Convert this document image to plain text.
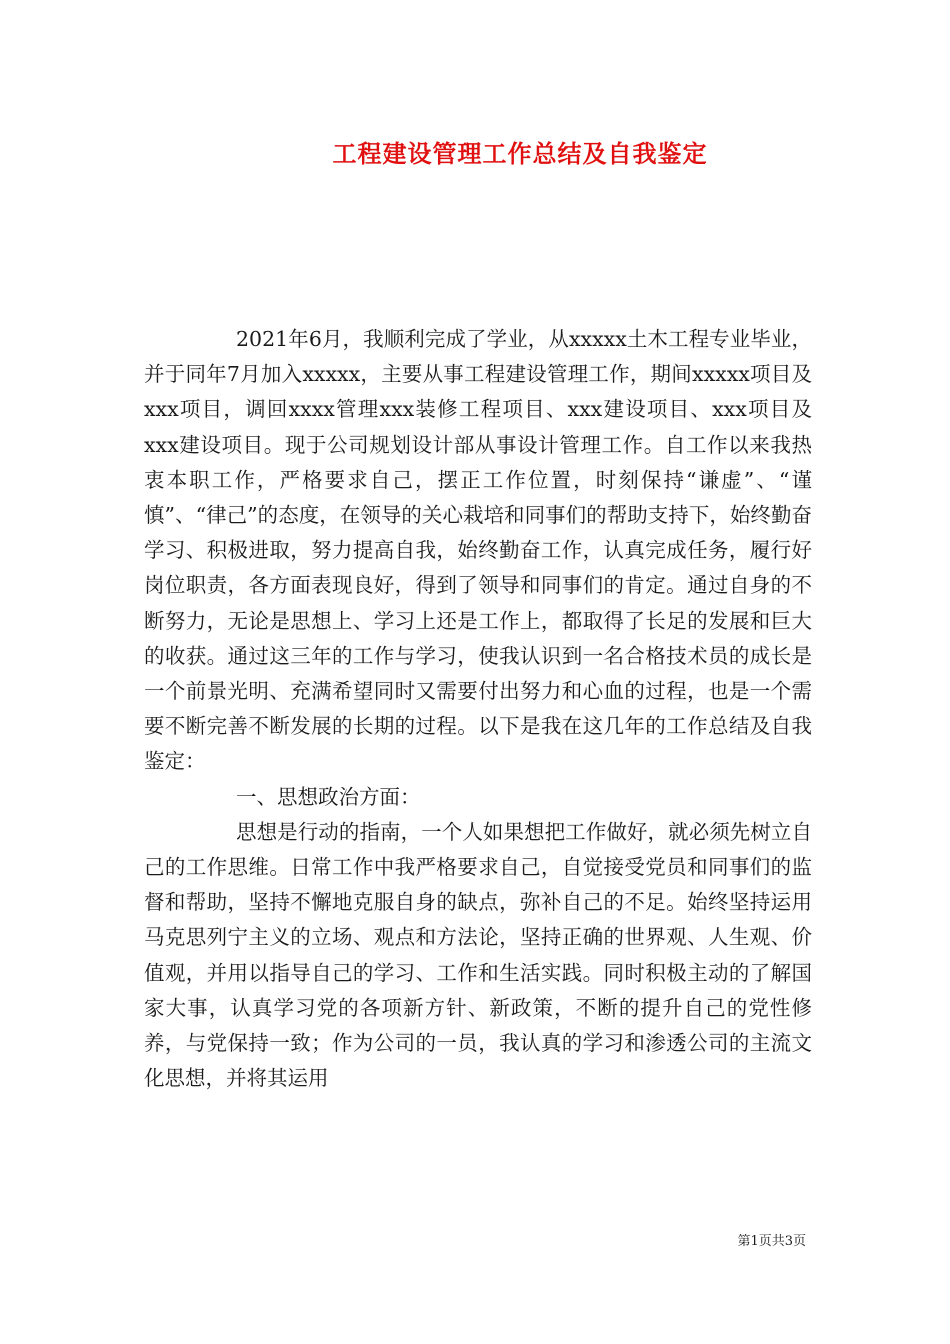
工程建设管理工作总结及自我鉴定

2021年6月，我顺利完成了学业，从xxxxx土木工程专业毕业，并于同年7月加入xxxxx，主要从事工程建设管理工作，期间xxxxx项目及xxx项目，调回xxxx管理xxx装修工程项目、xxx建设项目、xxx项目及xxx建设项目。现于公司规划设计部从事设计管理工作。自工作以来我热衷本职工作，严格要求自己，摆正工作位置，时刻保持“谦虚”、“谨慎”、“律己”的态度，在领导的关心栽培和同事们的帮助支持下，始终勤奋学习、积极进取，努力提高自我，始终勤奋工作，认真完成任务，履行好岗位职责，各方面表现良好，得到了领导和同事们的肯定。通过自身的不断努力，无论是思想上、学习上还是工作上，都取得了长足的发展和巨大的收获。通过这三年的工作与学习，使我认识到一名合格技术员的成长是一个前景光明、充满希望同时又需要付出努力和心血的过程，也是一个需要不断完善不断发展的长期的过程。以下是我在这几年的工作总结及自我鉴定：

一、思想政治方面：

思想是行动的指南，一个人如果想把工作做好，就必须先树立自己的工作思维。日常工作中我严格要求自己，自觉接受党员和同事们的监督和帮助，坚持不懈地克服自身的缺点，弥补自己的不足。始终坚持运用马克思列宁主义的立场、观点和方法论，坚持正确的世界观、人生观、价值观，并用以指导自己的学习、工作和生活实践。同时积极主动的了解国家大事，认真学习党的各项新方针、新政策，不断的提升自己的党性修养，与党保持一致；作为公司的一员，我认真的学习和渗透公司的主流文化思想，并将其运用

第1页共3页
